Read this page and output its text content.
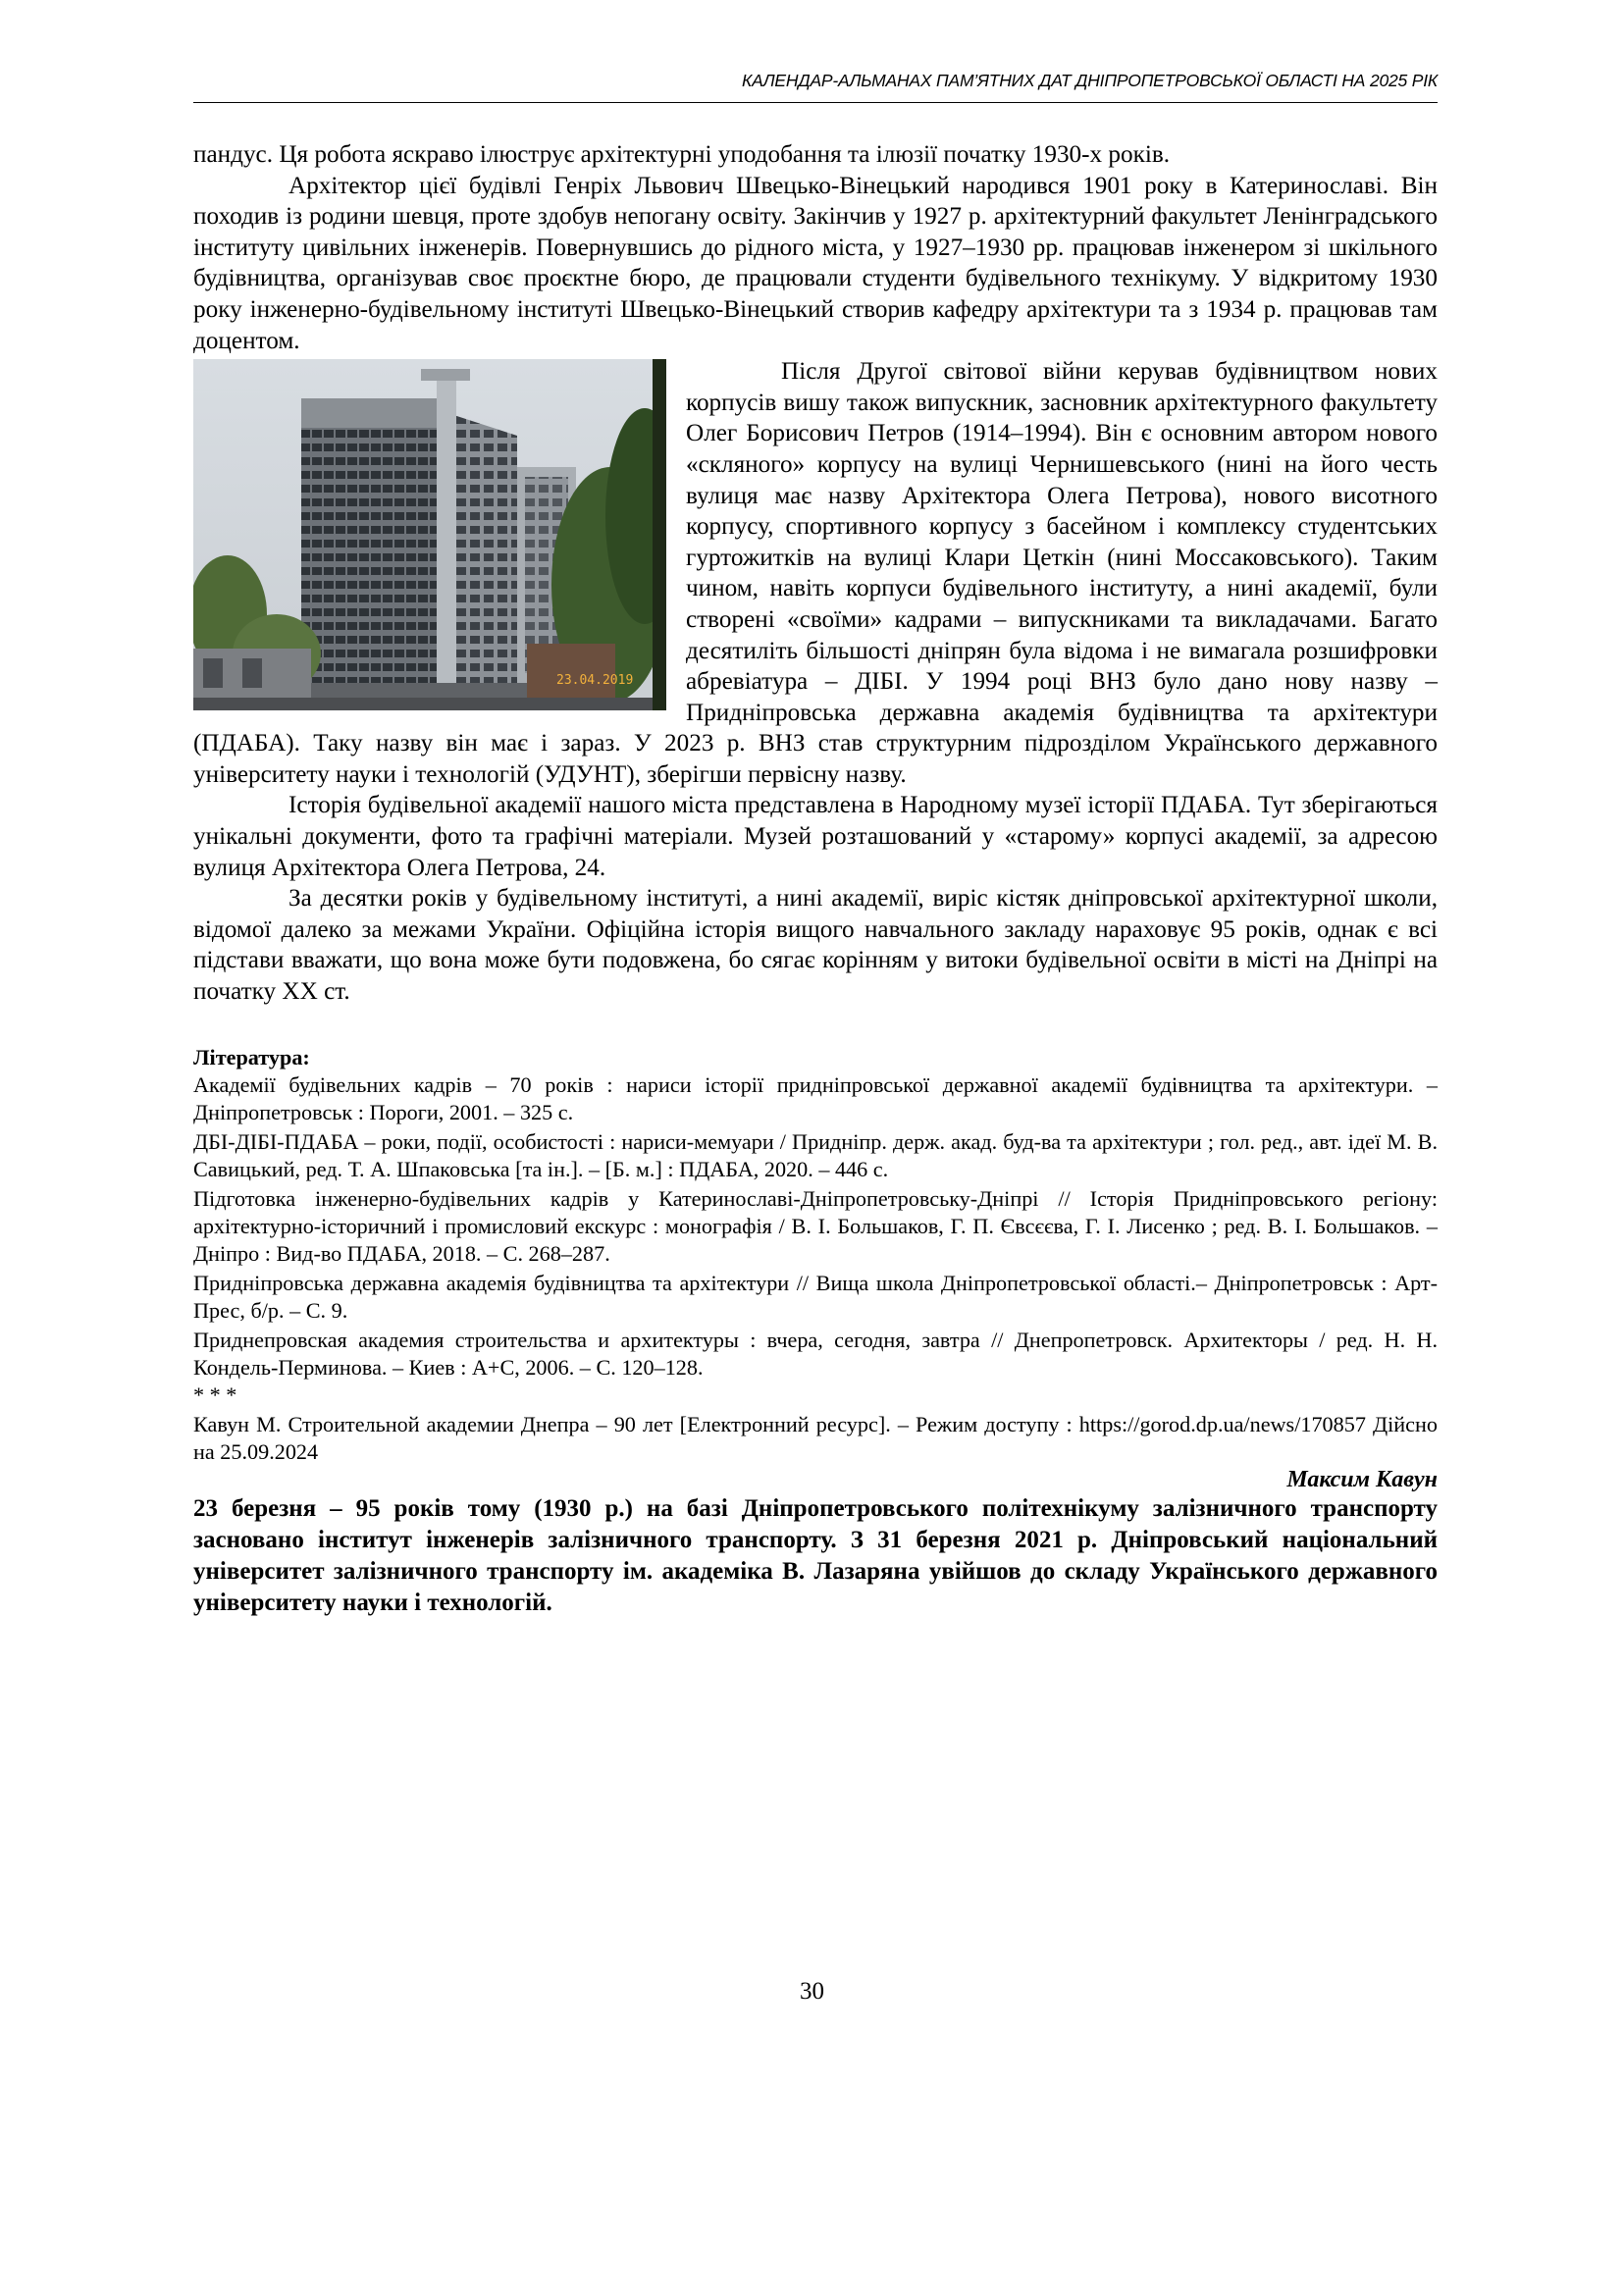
КАЛЕНДАР-АЛЬМАНАХ ПАМ’ЯТНИХ ДАТ ДНІПРОПЕТРОВСЬКОЇ ОБЛАСТІ НА 2025 РІК

пандус. Ця робота яскраво ілюструє архітектурні уподобання та ілюзії початку 1930-х років.

Архітектор цієї будівлі Генріх Львович Швецько-Вінецький народився 1901 року в Катеринославі. Він походив із родини шевця, проте здобув непогану освіту. Закінчив у 1927 р. архітектурний факультет Ленінградського інституту цивільних інженерів. Повернувшись до рідного міста, у 1927–1930 рр. працював інженером зі шкільного будівництва, організував своє проєктне бюро, де працювали студенти будівельного технікуму. У відкритому 1930 року інженерно-будівельному інституті Швецько-Вінецький створив кафедру архітектури та з 1934 р. працював там доцентом.

23.04.2019

Після Другої світової війни керував будівництвом нових корпусів вишу також випускник, засновник архітектурного факультету Олег Борисович Петров (1914–1994). Він є основним автором нового «скляного» корпусу на вулиці Чернишевського (нині на його честь вулиця має назву Архітектора Олега Петрова), нового висотного корпусу, спортивного корпусу з басейном і комплексу студентських гуртожитків на вулиці Клари Цеткін (нині Моссаковського). Таким чином, навіть корпуси будівельного інституту, а нині академії, були створені «своїми» кадрами – випускниками та викладачами. Багато десятиліть більшості дніпрян була відома і не вимагала розшифровки абревіатура – ДІБІ. У 1994 році ВНЗ було дано нову назву – Придніпровська державна академія будівництва та архітектури (ПДАБА). Таку назву він має і зараз. У 2023 р. ВНЗ став структурним підрозділом Українського державного університету науки і технологій (УДУНТ), зберігши первісну назву.

Історія будівельної академії нашого міста представлена в Народному музеї історії ПДАБА. Тут зберігаються унікальні документи, фото та графічні матеріали. Музей розташований у «старому» корпусі академії, за адресою вулиця Архітектора Олега Петрова, 24.

За десятки років у будівельному інституті, а нині академії, виріс кістяк дніпровської архітектурної школи, відомої далеко за межами України. Офіційна історія вищого навчального закладу нараховує 95 років, однак є всі підстави вважати, що вона може бути подовжена, бо сягає корінням у витоки будівельної освіти в місті на Дніпрі на початку ХХ ст.

Література:

Академії будівельних кадрів – 70 років : нариси історії придніпровської державної академії будівництва та архітектури. – Дніпропетровськ : Пороги, 2001. – 325 с.

ДБІ-ДІБІ-ПДАБА – роки, події, особистості : нариси-мемуари / Придніпр. держ. акад. буд-ва та архітектури ; гол. ред., авт. ідеї М. В. Савицький, ред. Т. А. Шпаковська [та ін.]. – [Б. м.] : ПДАБА, 2020. – 446 с.

Підготовка інженерно-будівельних кадрів у Катеринославі-Дніпропетровську-Дніпрі // Історія Придніпровського регіону: архітектурно-історичний і промисловий екскурс : монографія / В. І. Большаков, Г. П. Євсєєва, Г. І. Лисенко ; ред. В. І. Большаков. – Дніпро : Вид-во ПДАБА, 2018. – С. 268–287.

Придніпровська державна академія будівництва та архітектури // Вища школа Дніпропетровської області.– Дніпропетровськ : Арт-Прес, б/р. – С. 9.

Приднепровская академия строительства и архитектуры : вчера, сегодня, завтра // Днепропетровск. Архитекторы / ред. Н. Н. Кондель-Перминова. – Киев : А+С, 2006. – С. 120–128.

* * *

Кавун М. Строительной академии Днепра – 90 лет [Електронний ресурс]. – Режим доступу : https://gorod.dp.ua/news/170857 Дійсно на 25.09.2024

Максим Кавун

23 березня – 95 років тому (1930 р.) на базі Дніпропетровського політехнікуму залізничного транспорту засновано інститут інженерів залізничного транспорту. З 31 березня 2021 р. Дніпровський національний університет залізничного транспорту ім. академіка В. Лазаряна увійшов до складу Українського державного університету науки і технологій.

30
